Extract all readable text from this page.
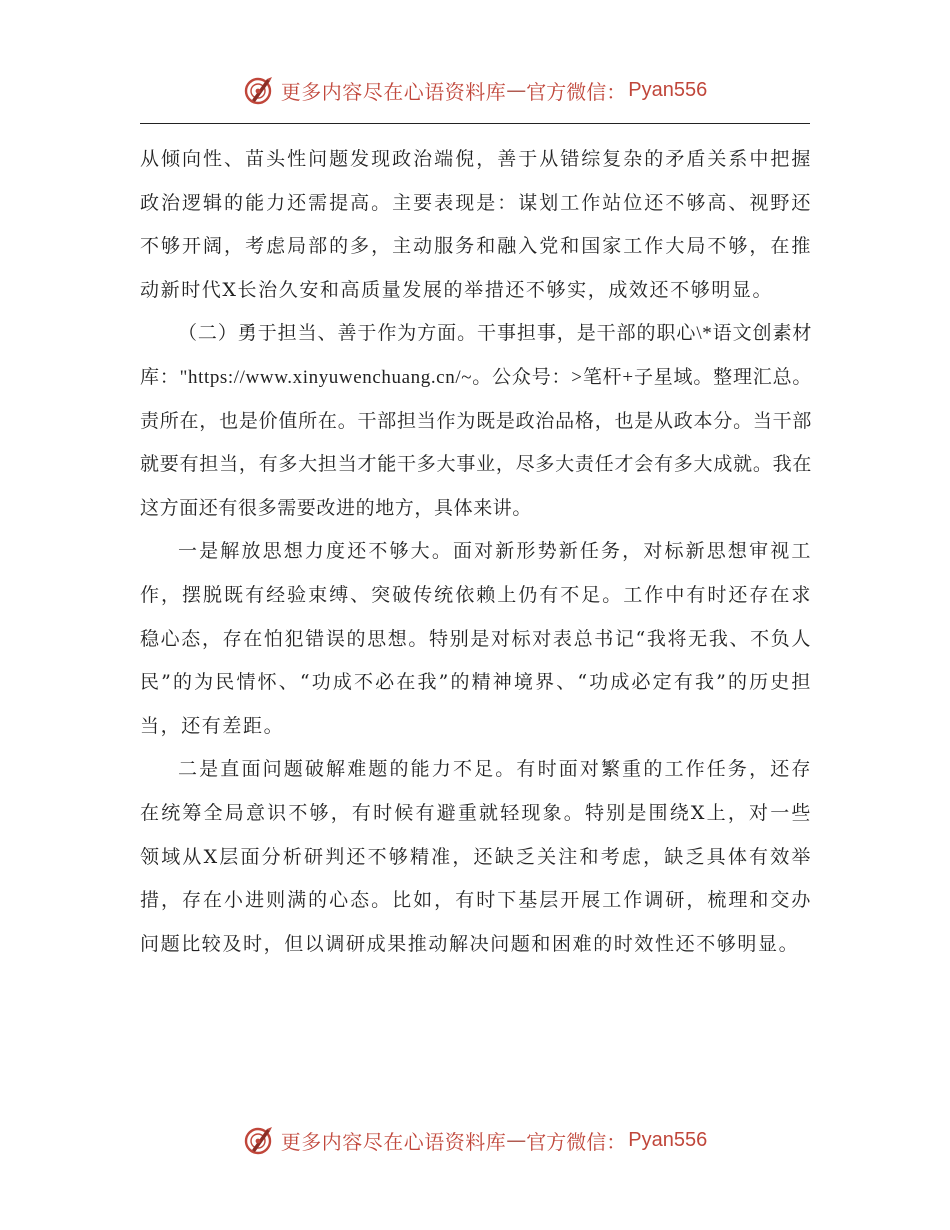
更多内容尽在心语资料库 — 官方微信： Pyan556

从倾向性、苗头性问题发现政治端倪，善于从错综复杂的矛盾关系中把握政治逻辑的能力还需提高。主要表现是：谋划工作站位还不够高、视野还不够开阔，考虑局部的多，主动服务和融入党和国家工作大局不够，在推动新时代X长治久安和高质量发展的举措还不够实，成效还不够明显。

（二）勇于担当、善于作为方面。干事担事，是干部的职心\*语文创素材库："https://www.xinyuwenchuang.cn/~。公众号：>笔杆+子星域。整理汇总。责所在，也是价值所在。干部担当作为既是政治品格，也是从政本分。当干部就要有担当，有多大担当才能干多大事业，尽多大责任才会有多大成就。我在这方面还有很多需要改进的地方，具体来讲。

一是解放思想力度还不够大。面对新形势新任务，对标新思想审视工作，摆脱既有经验束缚、突破传统依赖上仍有不足。工作中有时还存在求稳心态，存在怕犯错误的思想。特别是对标对表总书记“我将无我、不负人民”的为民情怀、“功成不必在我”的精神境界、“功成必定有我”的历史担当，还有差距。

二是直面问题破解难题的能力不足。有时面对繁重的工作任务，还存在统筹全局意识不够，有时候有避重就轻现象。特别是围绕X上，对一些领域从X层面分析研判还不够精准，还缺乏关注和考虑，缺乏具体有效举措，存在小进则满的心态。比如，有时下基层开展工作调研，梳理和交办问题比较及时，但以调研成果推动解决问题和困难的时效性还不够明显。

更多内容尽在心语资料库 — 官方微信： Pyan556
